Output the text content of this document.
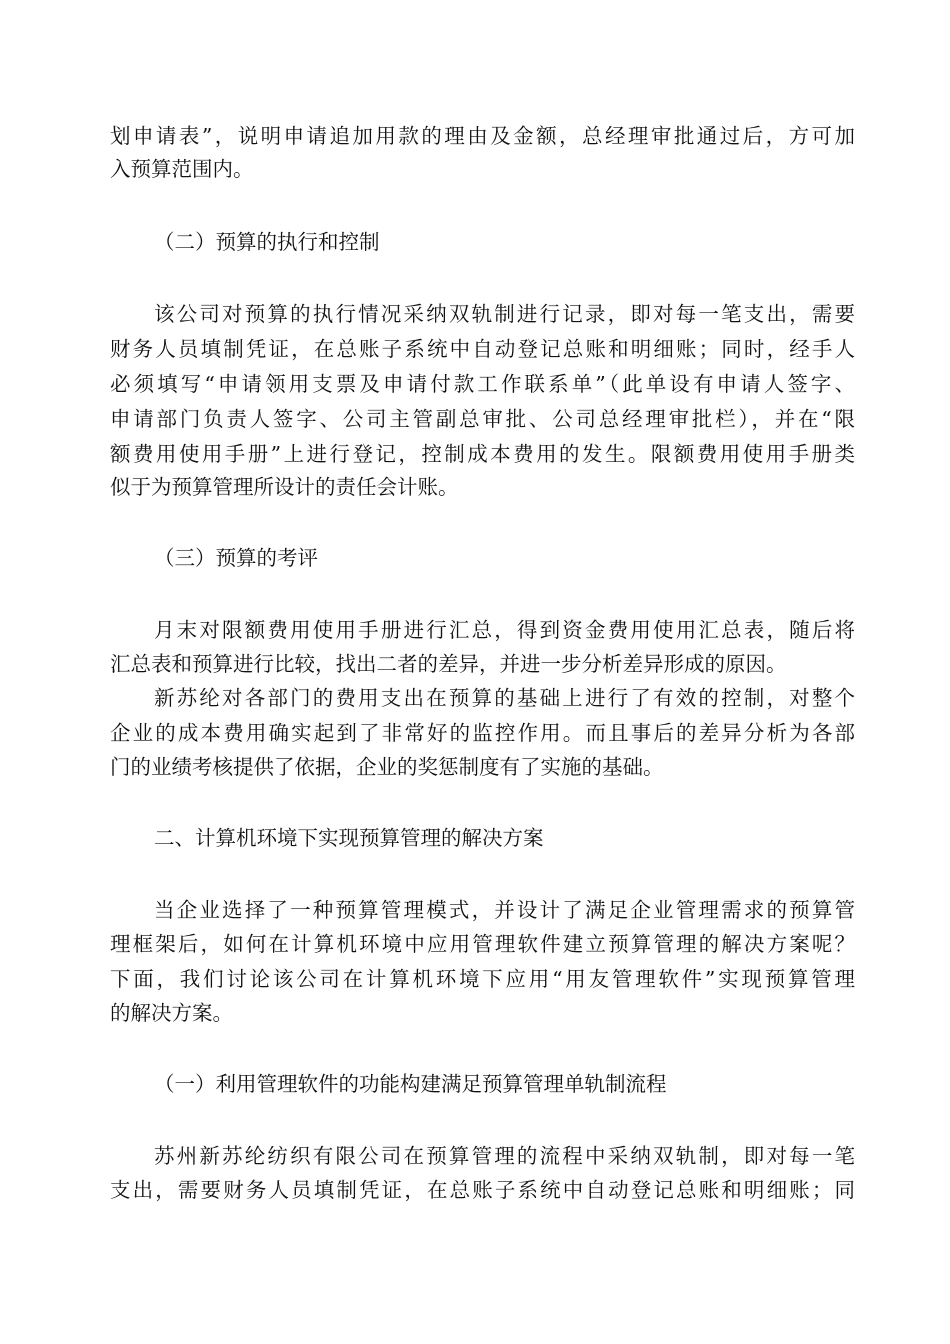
划申请表”，说明申请追加用款的理由及金额，总经理审批通过后，方可加
入预算范围内。
（二）预算的执行和控制
该公司对预算的执行情况采纳双轨制进行记录，即对每一笔支出，需要
财务人员填制凭证，在总账子系统中自动登记总账和明细账；同时，经手人
必须填写“申请领用支票及申请付款工作联系单”（此单设有申请人签字、
申请部门负责人签字、公司主管副总审批、公司总经理审批栏），并在“限
额费用使用手册”上进行登记，控制成本费用的发生。限额费用使用手册类
似于为预算管理所设计的责任会计账。
（三）预算的考评
月末对限额费用使用手册进行汇总，得到资金费用使用汇总表，随后将
汇总表和预算进行比较，找出二者的差异，并进一步分析差异形成的原因。
新苏纶对各部门的费用支出在预算的基础上进行了有效的控制，对整个
企业的成本费用确实起到了非常好的监控作用。而且事后的差异分析为各部
门的业绩考核提供了依据，企业的奖惩制度有了实施的基础。
二、计算机环境下实现预算管理的解决方案
当企业选择了一种预算管理模式，并设计了满足企业管理需求的预算管
理框架后，如何在计算机环境中应用管理软件建立预算管理的解决方案呢？
下面，我们讨论该公司在计算机环境下应用“用友管理软件”实现预算管理
的解决方案。
（一）利用管理软件的功能构建满足预算管理单轨制流程
苏州新苏纶纺织有限公司在预算管理的流程中采纳双轨制，即对每一笔
支出，需要财务人员填制凭证，在总账子系统中自动登记总账和明细账；同
